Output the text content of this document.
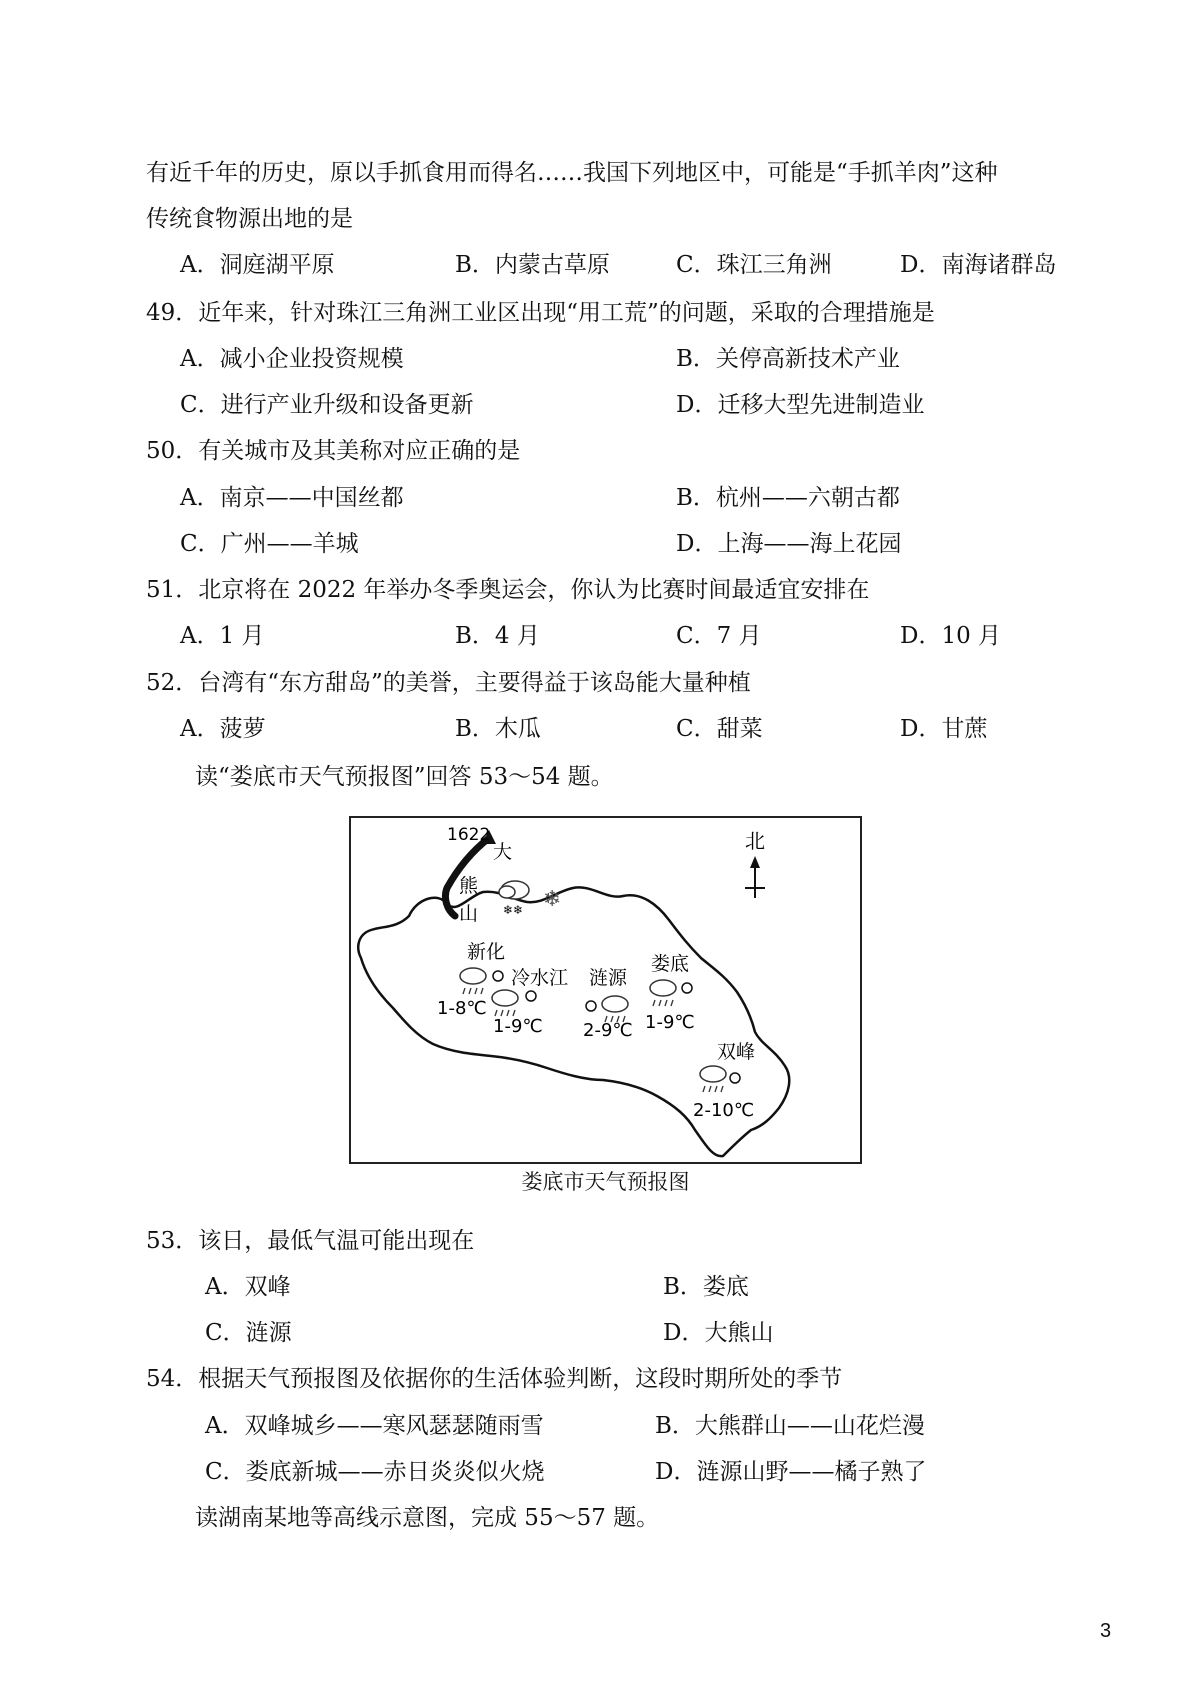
有近千年的历史，原以手抓食用而得名……我国下列地区中，可能是“手抓羊肉”这种
传统食物源出地的是
A．洞庭湖平原	B．内蒙古草原	C．珠江三角洲	D．南海诸群岛
49．近年来，针对珠江三角洲工业区出现“用工荒”的问题，采取的合理措施是
A．减小企业投资规模	B．关停高新技术产业
C．进行产业升级和设备更新	D．迁移大型先进制造业
50．有关城市及其美称对应正确的是
A．南京——中国丝都	B．杭州——六朝古都
C．广州——羊城	D．上海——海上花园
51．北京将在 2022 年举办冬季奥运会，你认为比赛时间最适宜安排在
A．1 月	B．4 月	C．7 月	D．10 月
52．台湾有“东方甜岛”的美誉，主要得益于该岛能大量种植
A．菠萝	B．木瓜	C．甜菜	D．甘蔗
读“娄底市天气预报图”回答 53～54 题。
1622
大
熊
山 ❄❄ ❄
北
新化
1-8℃
冷水江
1-9℃
涟源
2-9℃
娄底
1-9℃
双峰
2-10℃
娄底市天气预报图
53．该日，最低气温可能出现在
A．双峰	B．娄底
C．涟源	D．大熊山
54．根据天气预报图及依据你的生活体验判断，这段时期所处的季节
A．双峰城乡——寒风瑟瑟随雨雪	B．大熊群山——山花烂漫
C．娄底新城——赤日炎炎似火烧	D．涟源山野——橘子熟了
读湖南某地等高线示意图，完成 55～57 题。
3
